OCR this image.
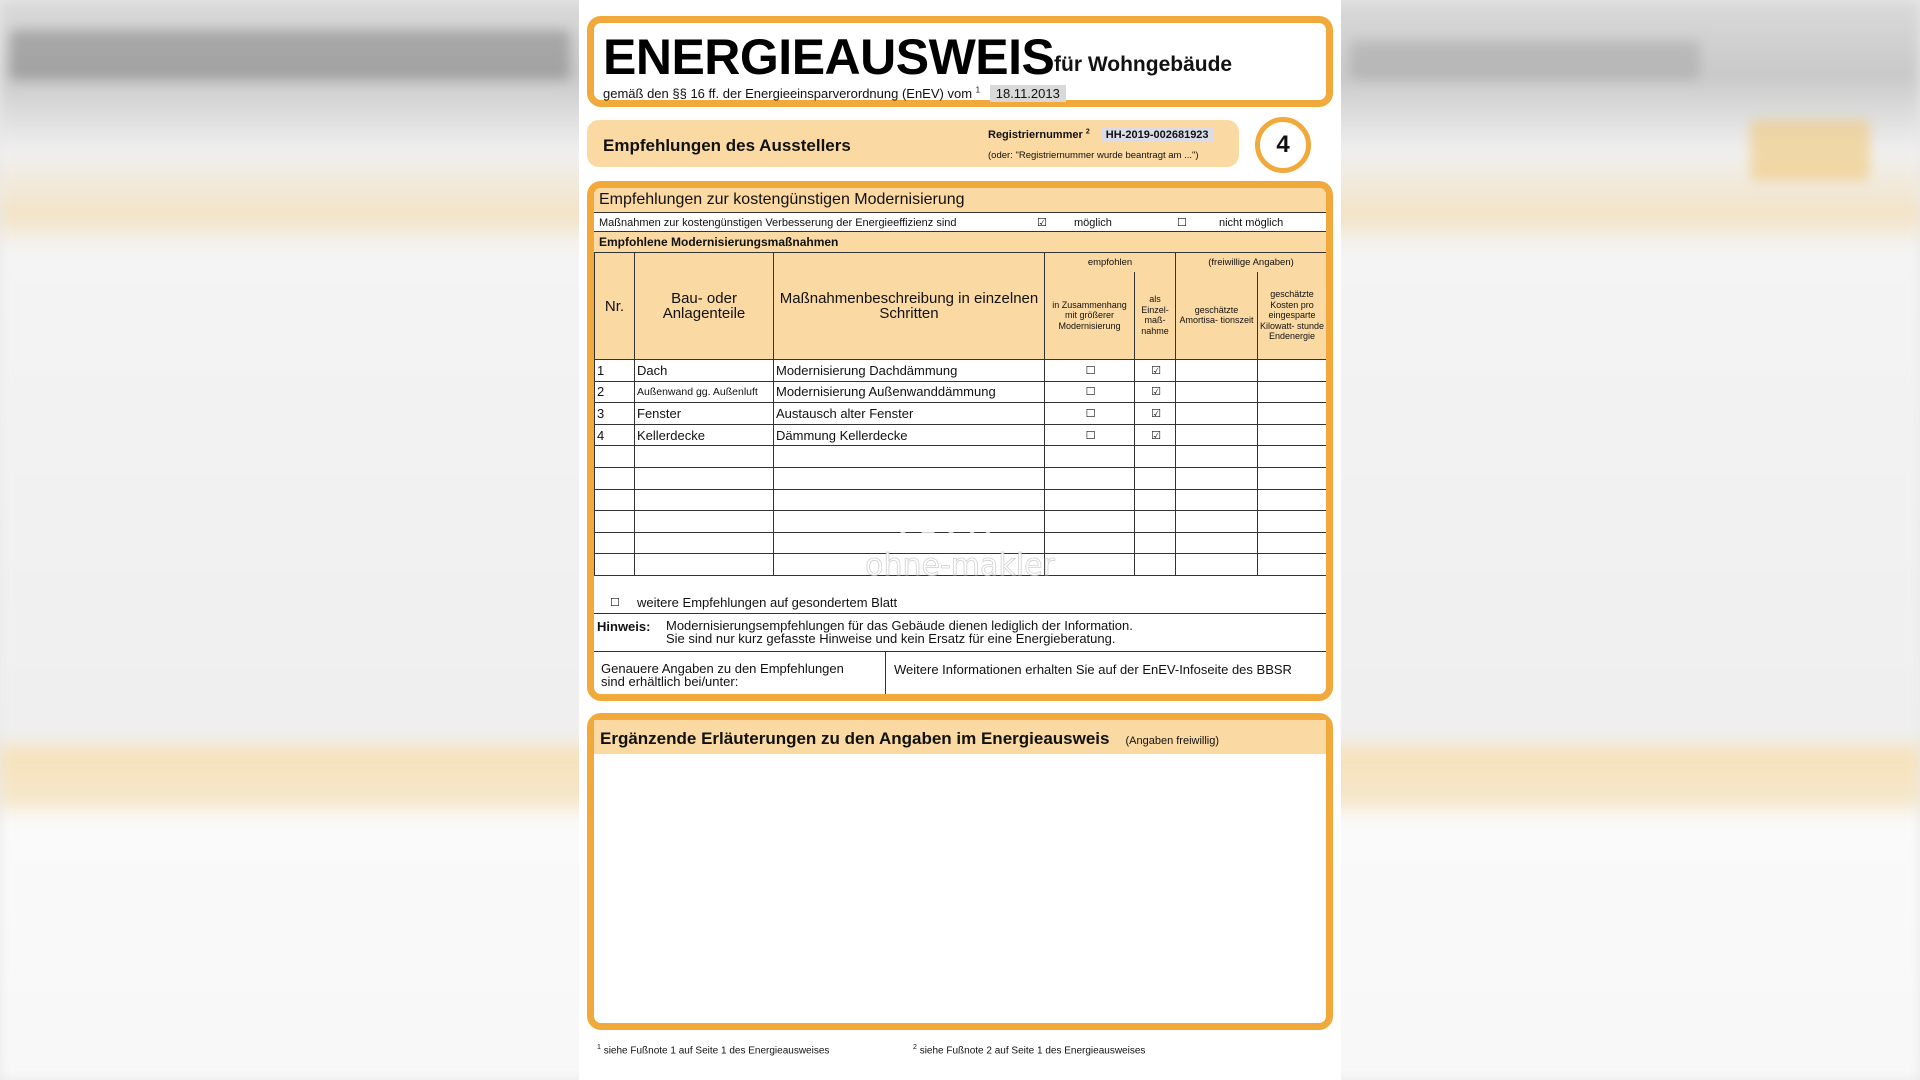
ENERGIEAUSWEIS für Wohngebäude
gemäß den §§ 16 ff. der Energieeinsparverordnung (EnEV) vom $^1$ 18.11.2013
Empfehlungen des Ausstellers
Registriernummer $^2$ HH-2019-002681923
(oder: "Registriernummer wurde beantragt am ...")	4
Empfehlungen zur kostengünstigen Modernisierung
Maßnahmen zur kostengünstigen Verbesserung der Energieeffizienz sind	☑ möglich	☐	nicht möglich
Empfohlene Modernisierungsmaßnahmen
Nr.	Bau- oder Anlagenteile	Maßnahmenbeschreibung in einzelnen Schritten	empfohlen		(freiwillige Angaben)	
			in Zusammenhang mit größerer Modernisierung	als Einzel- maß- nahme	geschätzte Amortisa- tionszeit	geschätzte Kosten pro eingesparte Kilowatt- stunde Endenergie
1	Dach	Modernisierung Dachdämmung	☐	☑		
2	Außenwand gg. Außenluft	Modernisierung Außenwanddämmung	☐	☑		
3	Fenster	Austausch alter Fenster	☐	☑		
4	Kellerdecke	Dämmung Kellerdecke	☐	☑		

☐ weitere Empfehlungen auf gesondertem Blatt
Hinweis: Modernisierungsempfehlungen für das Gebäude dienen lediglich der Information.
Sie sind nur kurz gefasste Hinweise und kein Ersatz für eine Energieberatung.
Genauere Angaben zu den Empfehlungen sind erhältlich bei/unter:
Weitere Informationen erhalten Sie auf der EnEV-Infoseite des BBSR
Ergänzende Erläuterungen zu den Angaben im Energieausweis (Angaben freiwillig)
$^1$ siehe Fußnote 1 auf Seite 1 des Energieausweises	$^2$ siehe Fußnote 2 auf Seite 1 des Energieausweises
ohne-makler
